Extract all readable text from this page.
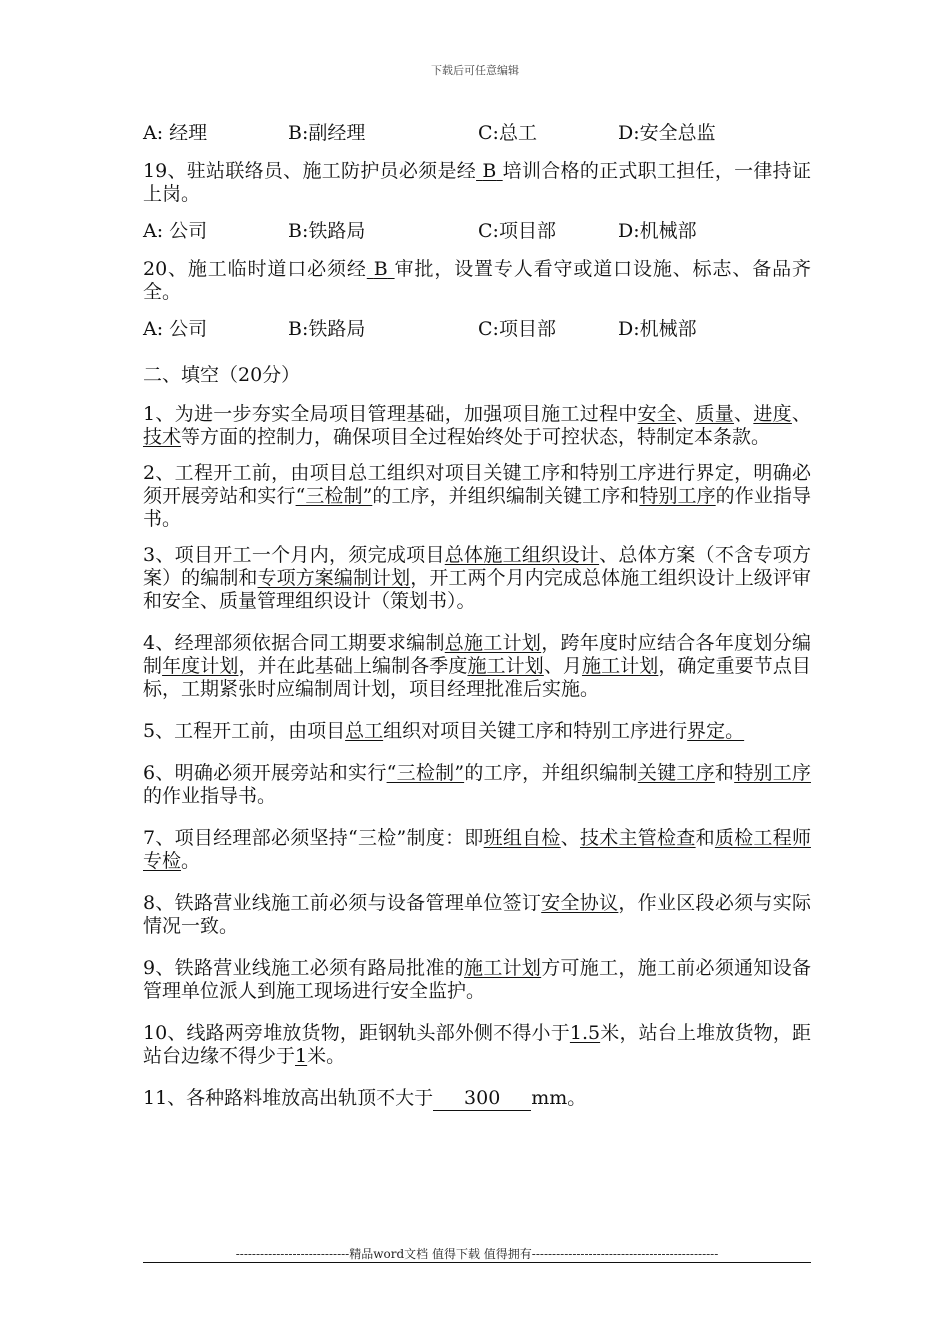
下载后可任意编辑
A: 经理	B:副经理	C:总工	D:安全总监
19、驻站联络员、施工防护员必须是经 B 培训合格的正式职工担任，一律持证上岗。
A: 公司	B:铁路局	C:项目部	D:机械部
20、施工临时道口必须经 B 审批，设置专人看守或道口设施、标志、备品齐全。
A: 公司	B:铁路局	C:项目部	D:机械部
二、填空（20分）
1、为进一步夯实全局项目管理基础，加强项目施工过程中安全、质量、进度、技术等方面的控制力，确保项目全过程始终处于可控状态，特制定本条款。
2、工程开工前，由项目总工组织对项目关键工序和特别工序进行界定，明确必须开展旁站和实行“三检制”的工序，并组织编制关键工序和特别工序的作业指导书。
3、项目开工一个月内，须完成项目总体施工组织设计、总体方案（不含专项方案）的编制和专项方案编制计划，开工两个月内完成总体施工组织设计上级评审和安全、质量管理组织设计（策划书）。
4、经理部须依据合同工期要求编制总施工计划，跨年度时应结合各年度划分编制年度计划，并在此基础上编制各季度施工计划、月施工计划，确定重要节点目标，工期紧张时应编制周计划，项目经理批准后实施。
5、工程开工前，由项目总工组织对项目关键工序和特别工序进行界定。
6、明确必须开展旁站和实行“三检制”的工序，并组织编制关键工序和特别工序的作业指导书。
7、项目经理部必须坚持“三检”制度：即班组自检、技术主管检查和质检工程师专检。
8、铁路营业线施工前必须与设备管理单位签订安全协议，作业区段必须与实际情况一致。
9、铁路营业线施工必须有路局批准的施工计划方可施工，施工前必须通知设备管理单位派人到施工现场进行安全监护。
10、线路两旁堆放货物，距钢轨头部外侧不得小于1.5米，站台上堆放货物，距站台边缘不得少于1米。
11、各种路料堆放高出轨顶不大于 300 mm。
----------------------------精品word文档 值得下载 值得拥有----------------------------------------------
